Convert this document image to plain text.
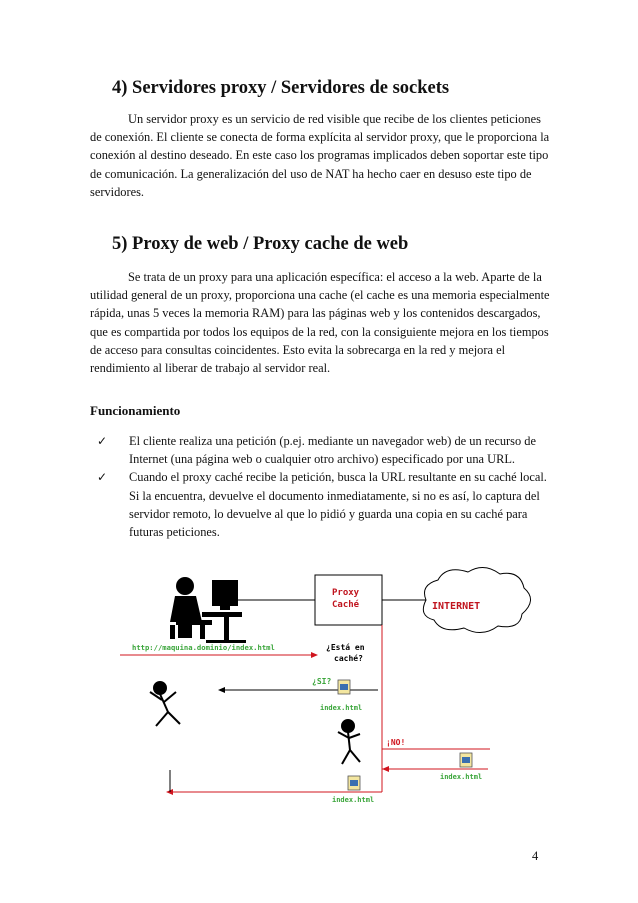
4) Servidores proxy / Servidores de sockets

Un servidor proxy es un servicio de red visible que recibe de los clientes peticiones de conexión. El cliente se conecta de forma explícita al servidor proxy, que le proporciona la conexión al destino deseado. En este caso los programas implicados deben soportar este tipo de comunicación. La generalización del uso de NAT ha hecho caer en desuso este tipo de servidores.

5) Proxy de web / Proxy cache de web

Se trata de un proxy para una aplicación específica: el acceso a la web. Aparte de la utilidad general de un proxy, proporciona una cache (el cache es una memoria especialmente rápida, unas 5 veces la memoria RAM) para las páginas web y los contenidos descargados, que es compartida por todos los equipos de la red, con la consiguiente mejora en los tiempos de acceso para consultas coincidentes. Esto evita la sobrecarga en la red y mejora el rendimiento al liberar de trabajo al servidor real.

Funcionamiento

✓ El cliente realiza una petición (p.ej. mediante un navegador web) de un recurso de Internet (una página web o cualquier otro archivo) especificado por una URL.
✓ Cuando el proxy caché recibe la petición, busca la URL resultante en su caché local. Si la encuentra, devuelve el documento inmediatamente, si no es así, lo captura del servidor remoto, lo devuelve al que lo pidió y guarda una copia en su caché para futuras peticiones.
Proxy
Caché	INTERNET
http://maquina.dominio/index.html	¿Está en
caché?
¿SI?
index.html
¡NO!
index.html
index.html
4
